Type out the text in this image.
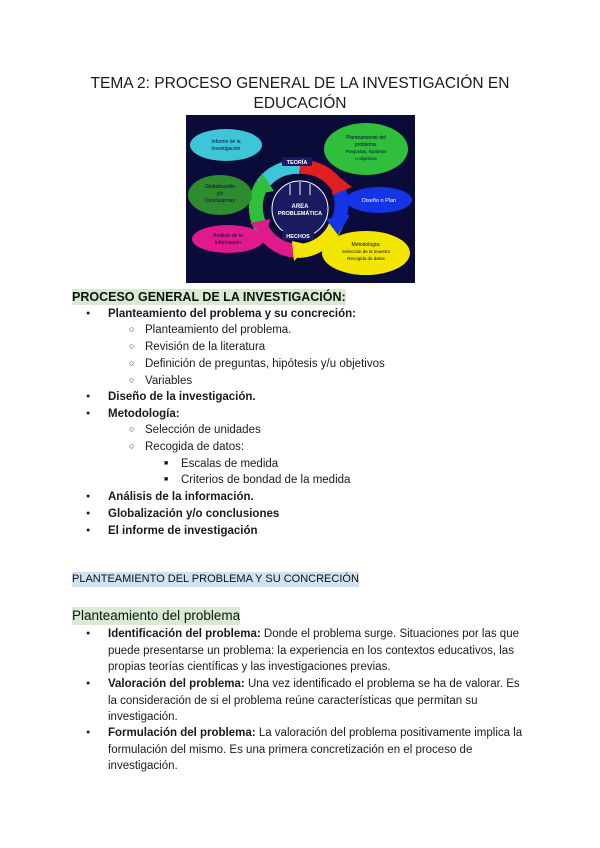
TEMA 2: PROCESO GENERAL DE LA INVESTIGACIÓN EN
EDUCACIÓN
AREA
PROBLEMÁTICA
TEORÍA
HECHOS
Informe de la
investigación
Planteamiento del
problema.
Preguntas, hipótesis
u objetivos
Globalización
y/o
Conclusiones	Diseño o Plan
Análisis de la
información	Metodología:
Selección de la muestra
Recogida de datos
PROCESO GENERAL DE LA INVESTIGACIÓN:
● Planteamiento del problema y su concreción:
○ Planteamiento del problema.
○ Revisión de la literatura
○ Definición de preguntas, hipótesis y/u objetivos
○ Variables
● Diseño de la investigación.
● Metodología:
○ Selección de unidades
○ Recogida de datos:
■ Escalas de medida
■ Criterios de bondad de la medida
● Análisis de la información.
● Globalización y/o conclusiones
● El informe de investigación
PLANTEAMIENTO DEL PROBLEMA Y SU CONCRECIÓN
Planteamiento del problema
● Identificación del problema: Donde el problema surge. Situaciones por las que
puede presentarse un problema: la experiencia en los contextos educativos, las
propias teorías científicas y las investigaciones previas.
● Valoración del problema: Una vez identificado el problema se ha de valorar. Es
la consideración de si el problema reúne características que permitan su
investigación.
● Formulación del problema: La valoración del problema positivamente implica la
formulación del mismo. Es una primera concretización en el proceso de
investigación.
